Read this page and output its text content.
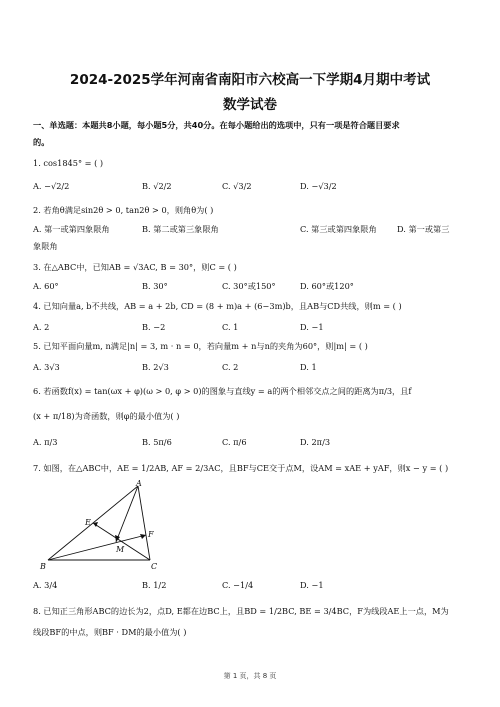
2024-2025学年河南省南阳市六校高一下学期4月期中考试
数学试卷
一、单选题：本题共8小题，每小题5分，共40分。在每小题给出的选项中，只有一项是符合题目要求
的。
1. cos1845° = ( )
A. −√2/2	B. √2/2	C. √3/2	D. −√3/2
2. 若角θ满足sin2θ > 0, tan2θ > 0，则角θ为( )
A. 第一或第四象限角	B. 第二或第三象限角	C. 第三或第四象限角 D. 第一或第三
象限角
3. 在△ABC中，已知AB = √3AC, B = 30°，则C = ( )
A. 60°	B. 30°	C. 30°或150°	D. 60°或120°
4. 已知向量a, b不共线，AB = a + 2b, CD = (8 + m)a + (6−3m)b，且AB与CD共线，则m = ( )
A. 2	B. −2	C. 1	D. −1
5. 已知平面向量m, n满足|n| = 3, m · n = 0，若向量m + n与n的夹角为60°，则|m| = ( )
A. 3√3	B. 2√3	C. 2	D. 1
6. 若函数f(x) = tan(ωx + φ)(ω > 0, φ > 0)的图象与直线y = a的两个相邻交点之间的距离为π/3，且f
(x + π/18)为奇函数，则φ的最小值为( )
A. π/3	B. 5π/6	C. π/6	D. 2π/3
7. 如图，在△ABC中，AE = 1/2AB, AF = 2/3AC，且BF与CE交于点M，设AM = xAE + yAF，则x − y = ( )
A
B	C
E
F
M
A. 3/4	B. 1/2	C. −1/4	D. −1
8. 已知正三角形ABC的边长为2，点D, E都在边BC上，且BD = 1/2BC, BE = 3/4BC，F为线段AE上一点，M为
线段BF的中点，则BF · DM的最小值为( )
第 1 页，共 8 页
